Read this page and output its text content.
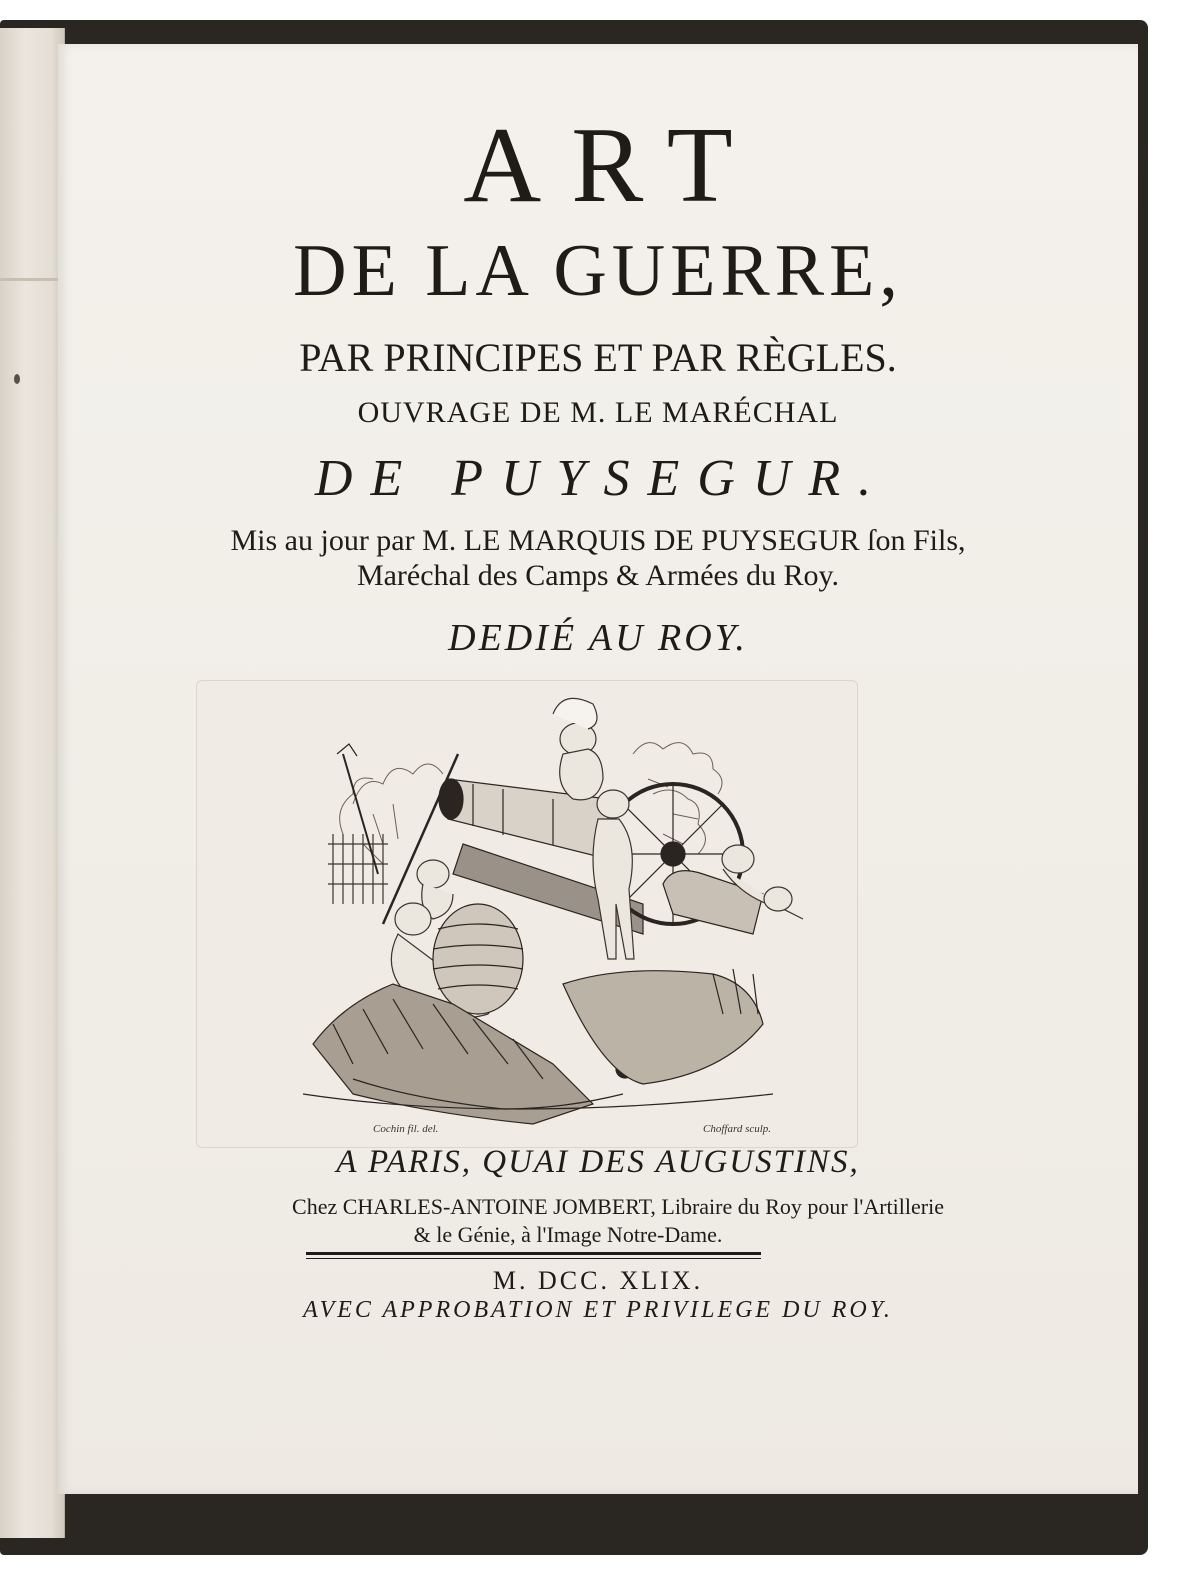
ART
DE LA GUERRE,
PAR PRINCIPES ET PAR RÈGLES.
OUVRAGE DE M. LE MARÉCHAL
DE PUYSEGUR.
Mis au jour par M. LE MARQUIS DE PUYSEGUR ſon Fils,
Maréchal des Camps & Armées du Roy.
DEDIÉ AU ROY.
Cochin fil. del.	Choffard sculp.
A PARIS, QUAI DES AUGUSTINS,
Chez CHARLES-ANTOINE JOMBERT, Libraire du Roy pour l'Artillerie
& le Génie, à l'Image Notre-Dame.
M. DCC. XLIX.
AVEC APPROBATION ET PRIVILEGE DU ROY.
